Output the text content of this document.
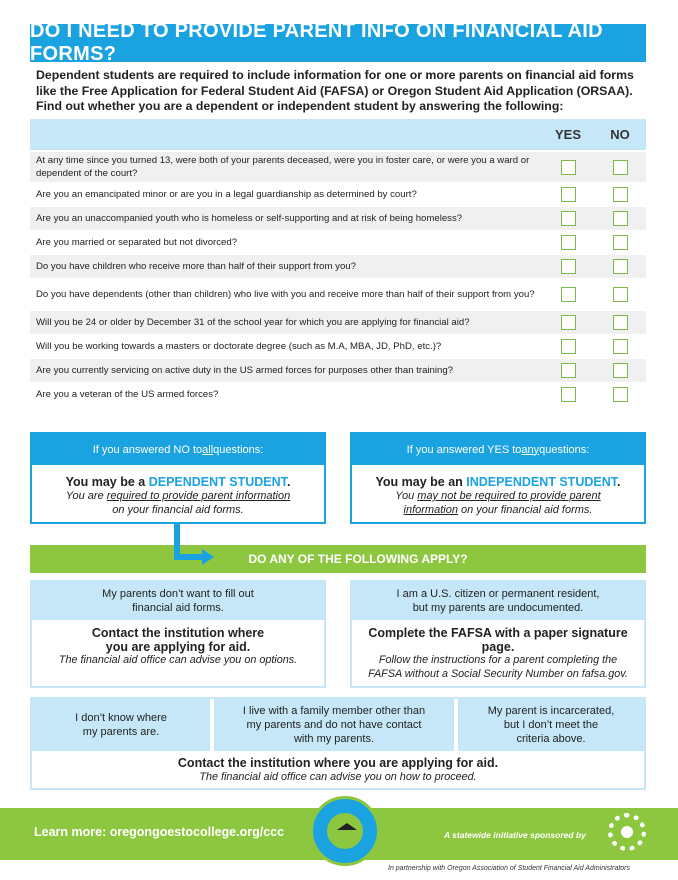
DO I NEED TO PROVIDE PARENT INFO ON FINANCIAL AID FORMS?
Dependent students are required to include information for one or more parents on financial aid forms like the Free Application for Federal Student Aid (FAFSA) or Oregon Student Aid Application (ORSAA). Find out whether you are a dependent or independent student by answering the following:
YES	NO
At any time since you turned 13, were both of your parents deceased, were you in foster care, or were you a ward or dependent of the court?
Are you an emancipated minor or are you in a legal guardianship as determined by court?
Are you an unaccompanied youth who is homeless or self-supporting and at risk of being homeless?
Are you married or separated but not divorced?
Do you have children who receive more than half of their support from you?
Do you have dependents (other than children) who live with you and receive more than half of their support from you?
Will you be 24 or older by December 31 of the school year for which you are applying for financial aid?
Will you be working towards a masters or doctorate degree (such as M.A, MBA, JD, PhD, etc.)?
Are you currently servicing on active duty in the US armed forces for purposes other than training?
Are you a veteran of the US armed forces?
If you answered NO to all questions:
You may be a DEPENDENT STUDENT.
You are required to provide parent information
on your financial aid forms.
If you answered YES to any questions:
You may be an INDEPENDENT STUDENT.
You may not be required to provide parent
information on your financial aid forms.
DO ANY OF THE FOLLOWING APPLY?
My parents don’t want to fill out
financial aid forms.
Contact the institution where
you are applying for aid.
The financial aid office can advise you on options.
I am a U.S. citizen or permanent resident,
but my parents are undocumented.
Complete the FAFSA with a paper signature page.
Follow the instructions for a parent completing the
FAFSA without a Social Security Number on fafsa.gov.
I don’t know where
my parents are.
I live with a family member other than
my parents and do not have contact
with my parents.
My parent is incarcerated,
but I don’t meet the
criteria above.
Contact the institution where you are applying for aid.
The financial aid office can advise you on how to proceed.
Learn more: oregongoestocollege.org/ccc	A statewide initiative sponsored by
In partnership with Oregon Association of Student Financial Aid Administrators
